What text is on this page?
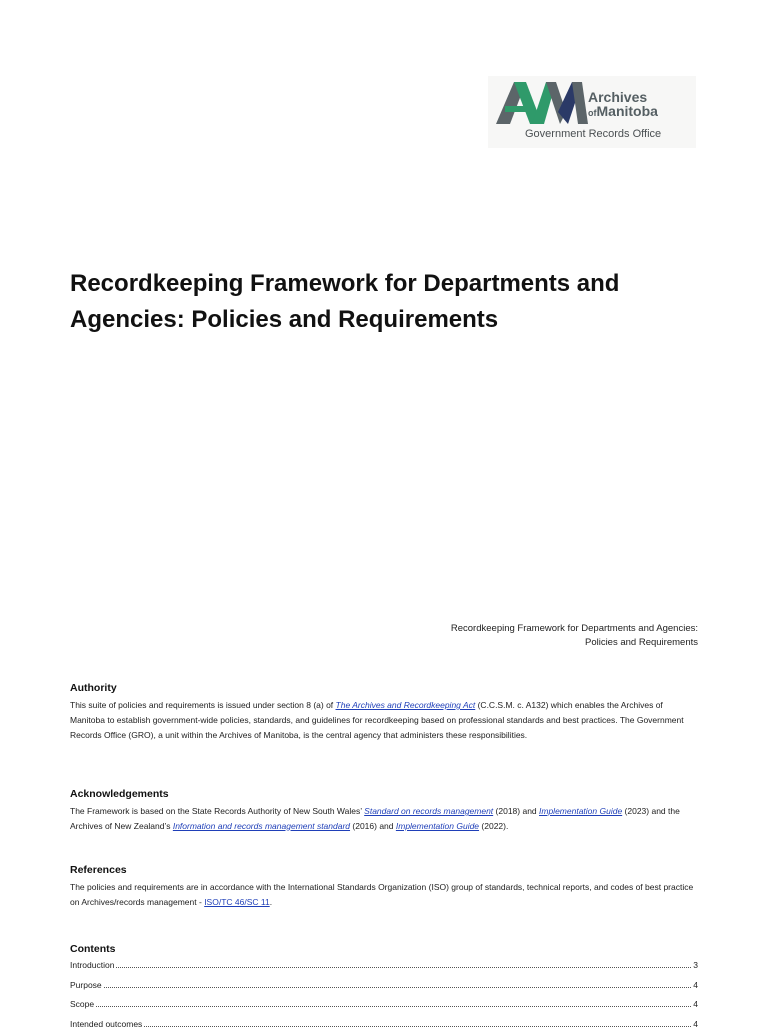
Archives
ofManitoba
Government Records Office
Recordkeeping Framework for Departments and
Agencies: Policies and Requirements
Recordkeeping Framework for Departments and Agencies:
Policies and Requirements
Authority

This suite of policies and requirements is issued under section 8 (a) of The Archives and Recordkeeping Act (C.C.S.M. c. A132) which enables the Archives of Manitoba to establish government-wide policies, standards, and guidelines for recordkeeping based on professional standards and best practices. The Government Records Office (GRO), a unit within the Archives of Manitoba, is the central agency that administers these responsibilities.

Acknowledgements

The Framework is based on the State Records Authority of New South Wales’ Standard on records management (2018) and Implementation Guide (2023) and the Archives of New Zealand’s Information and records management standard (2016) and Implementation Guide (2022).

References

The policies and requirements are in accordance with the International Standards Organization (ISO) group of standards, technical reports, and codes of best practice on Archives/records management - ISO/TC 46/SC 11.

Contents
Introduction	3
Purpose	4
Scope	4
Intended outcomes	4
